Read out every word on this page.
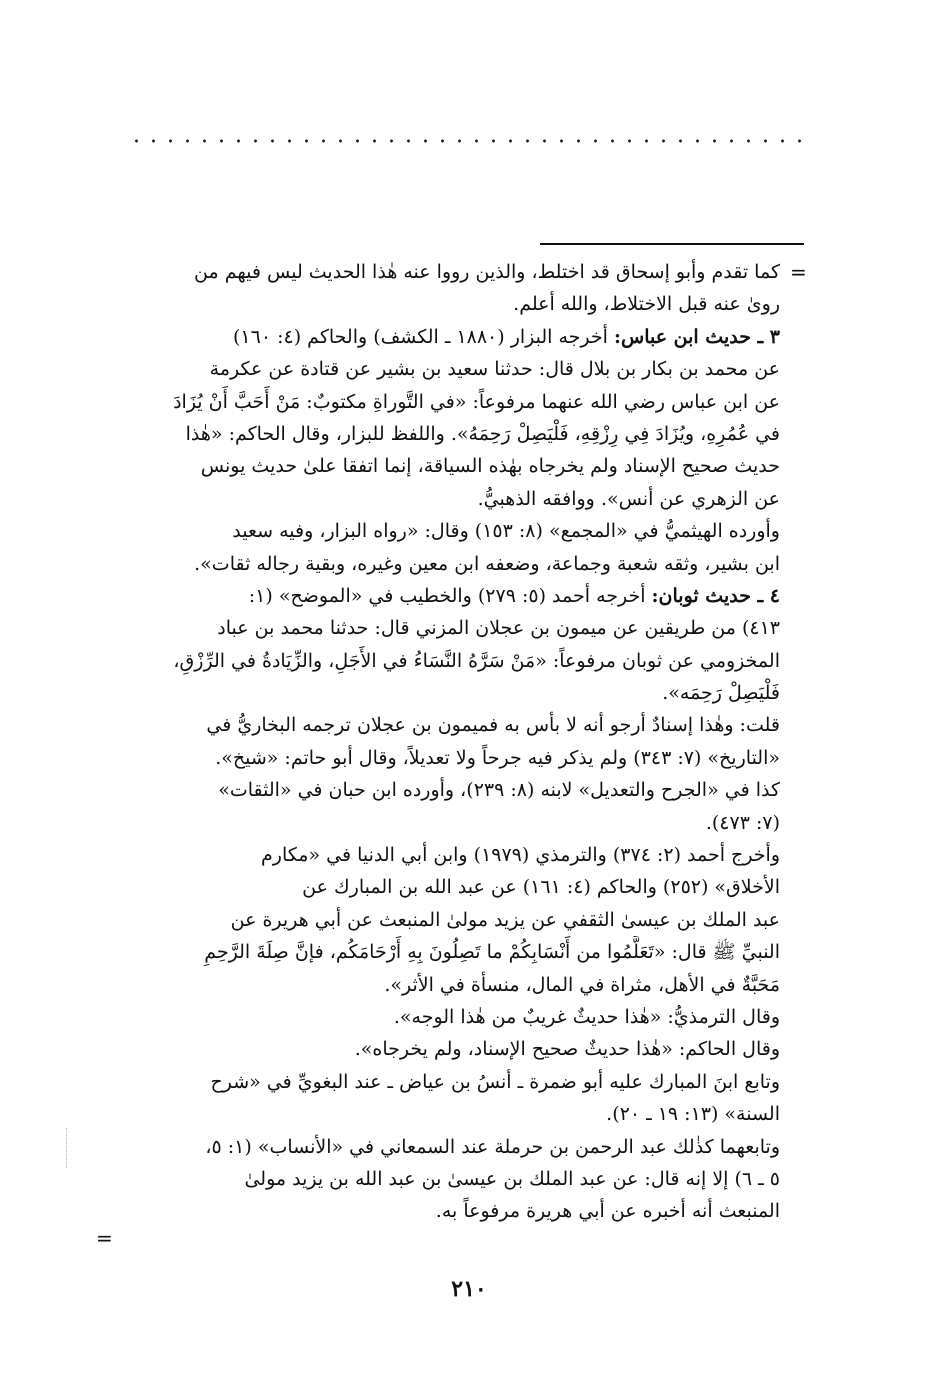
=
كما تقدم وأبو إسحاق قد اختلط، والذين رووا عنه هٰذا الحديث ليس فيهم من
روىٰ عنه قبل الاختلاط، والله أعلم.
٣ ـ حديث ابن عباس: أخرجه البزار (١٨٨٠ ـ الكشف) والحاكم (٤: ١٦٠)
عن محمد بن بكار بن بلال قال: حدثنا سعيد بن بشير عن قتادة عن عكرمة
عن ابن عباس رضي الله عنهما مرفوعاً: «في التَّوراةِ مكتوبٌ: مَنْ أَحَبَّ أَنْ يُزَادَ
في عُمُرِهِ، ويُزَادَ فِي رِزْقِهِ، فَلْيَصِلْ رَحِمَهُ». واللفظ للبزار، وقال الحاكم: «هٰذا
حديث صحيح الإسناد ولم يخرجاه بهٰذه السياقة، إنما اتفقا علىٰ حديث يونس
عن الزهري عن أنس». ووافقه الذهبيُّ.
وأورده الهيثميُّ في «المجمع» (٨: ١٥٣) وقال: «رواه البزار، وفيه سعيد
ابن بشير، وثقه شعبة وجماعة، وضعفه ابن معين وغيره، وبقية رجاله ثقات».
٤ ـ حديث ثوبان: أخرجه أحمد (٥: ٢٧٩) والخطيب في «الموضح» (١:
٤١٣) من طريقين عن ميمون بن عجلان المزني قال: حدثنا محمد بن عباد
المخزومي عن ثوبان مرفوعاً: «مَنْ سَرَّهُ النَّسَاءُ في الأَجَلِ، والزِّيَادةُ في الرِّزْقِ،
فَلْيَصِلْ رَحِمَه».
قلت: وهٰذا إسنادٌ أرجو أنه لا بأس به فميمون بن عجلان ترجمه البخاريُّ في
«التاريخ» (٧: ٣٤٣) ولم يذكر فيه جرحاً ولا تعديلاً، وقال أبو حاتم: «شيخ».
كذا في «الجرح والتعديل» لابنه (٨: ٢٣٩)، وأورده ابن حبان في «الثقات»
(٧: ٤٧٣).
وأخرج أحمد (٢: ٣٧٤) والترمذي (١٩٧٩) وابن أبي الدنيا في «مكارم
الأخلاق» (٢٥٢) والحاكم (٤: ١٦١) عن عبد الله بن المبارك عن
عبد الملك بن عيسىٰ الثقفي عن يزيد مولىٰ المنبعث عن أبي هريرة عن
النبيِّ ﷺ قال: «تَعَلَّمُوا من أَنْسَابِكُمْ ما تَصِلُونَ بِهِ أَرْحَامَكُم، فإنَّ صِلَةَ الرَّحِمِ
مَحَبَّةٌ في الأهل، مثراة في المال، منسأة في الأثر».
وقال الترمذيُّ: «هٰذا حديثٌ غريبٌ من هٰذا الوجه».
وقال الحاكم: «هٰذا حديثٌ صحيح الإسناد، ولم يخرجاه».
وتابع ابنَ المبارك عليه أبو ضمرة ـ أنسُ بن عياض ـ عند البغويِّ في «شرح
السنة» (١٣: ١٩ ـ ٢٠).
وتابعهما كذٰلك عبد الرحمن بن حرملة عند السمعاني في «الأنساب» (١: ٥،
٥ ـ ٦) إلا إنه قال: عن عبد الملك بن عيسىٰ بن عبد الله بن يزيد مولىٰ
المنبعث أنه أخبره عن أبي هريرة مرفوعاً به.
=
٢١٠
